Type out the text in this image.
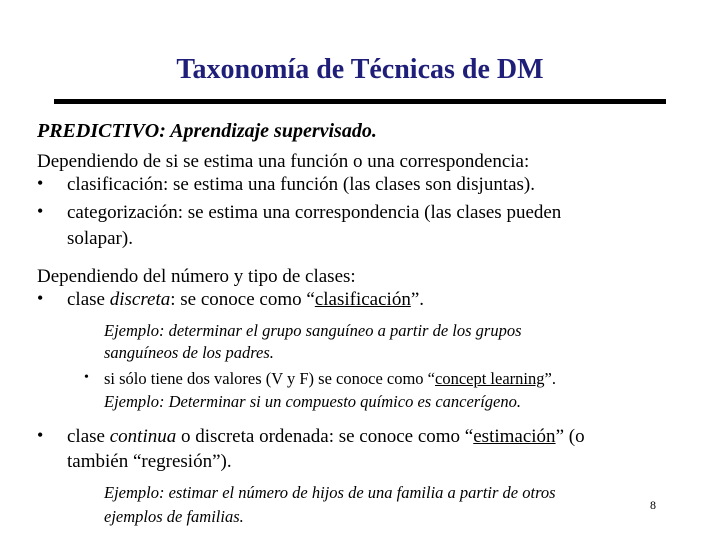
Taxonomía de Técnicas de DM
PREDICTIVO: Aprendizaje supervisado.
Dependiendo de si se estima una función o una correspondencia:
• clasificación: se estima una función (las clases son disjuntas).
• categorización: se estima una correspondencia (las clases pueden
solapar).
Dependiendo del número y tipo de clases:
• clase discreta: se conoce como “clasificación”.
Ejemplo: determinar el grupo sanguíneo a partir de los grupos
sanguíneos de los padres.
• si sólo tiene dos valores (V y F) se conoce como “concept learning”.
Ejemplo: Determinar si un compuesto químico es cancerígeno.
• clase continua o discreta ordenada: se conoce como “estimación” (o
también “regresión”).
Ejemplo: estimar el número de hijos de una familia a partir de otros
ejemplos de familias.
8
